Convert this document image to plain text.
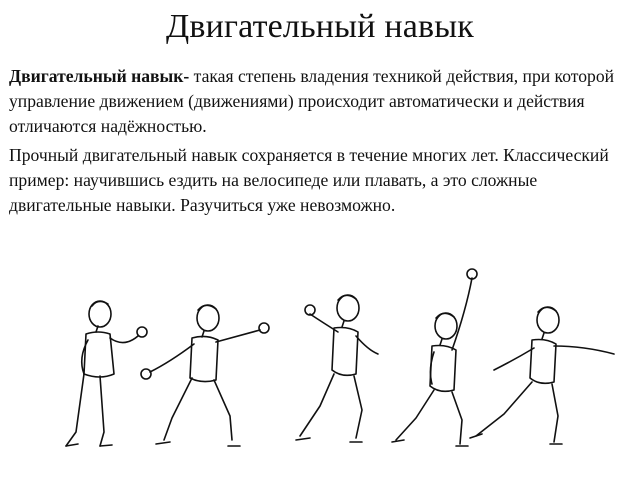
Двигательный навык

Двигательный навык- такая степень владения техникой действия, при которой управление движением (движениями) происходит автоматически и действия отличаются надёжностью.

Прочный двигательный навык сохраняется в течение многих лет. Классический пример: научившись ездить на велосипеде или плавать, а это сложные двигательные навыки. Разучиться уже невозможно.
